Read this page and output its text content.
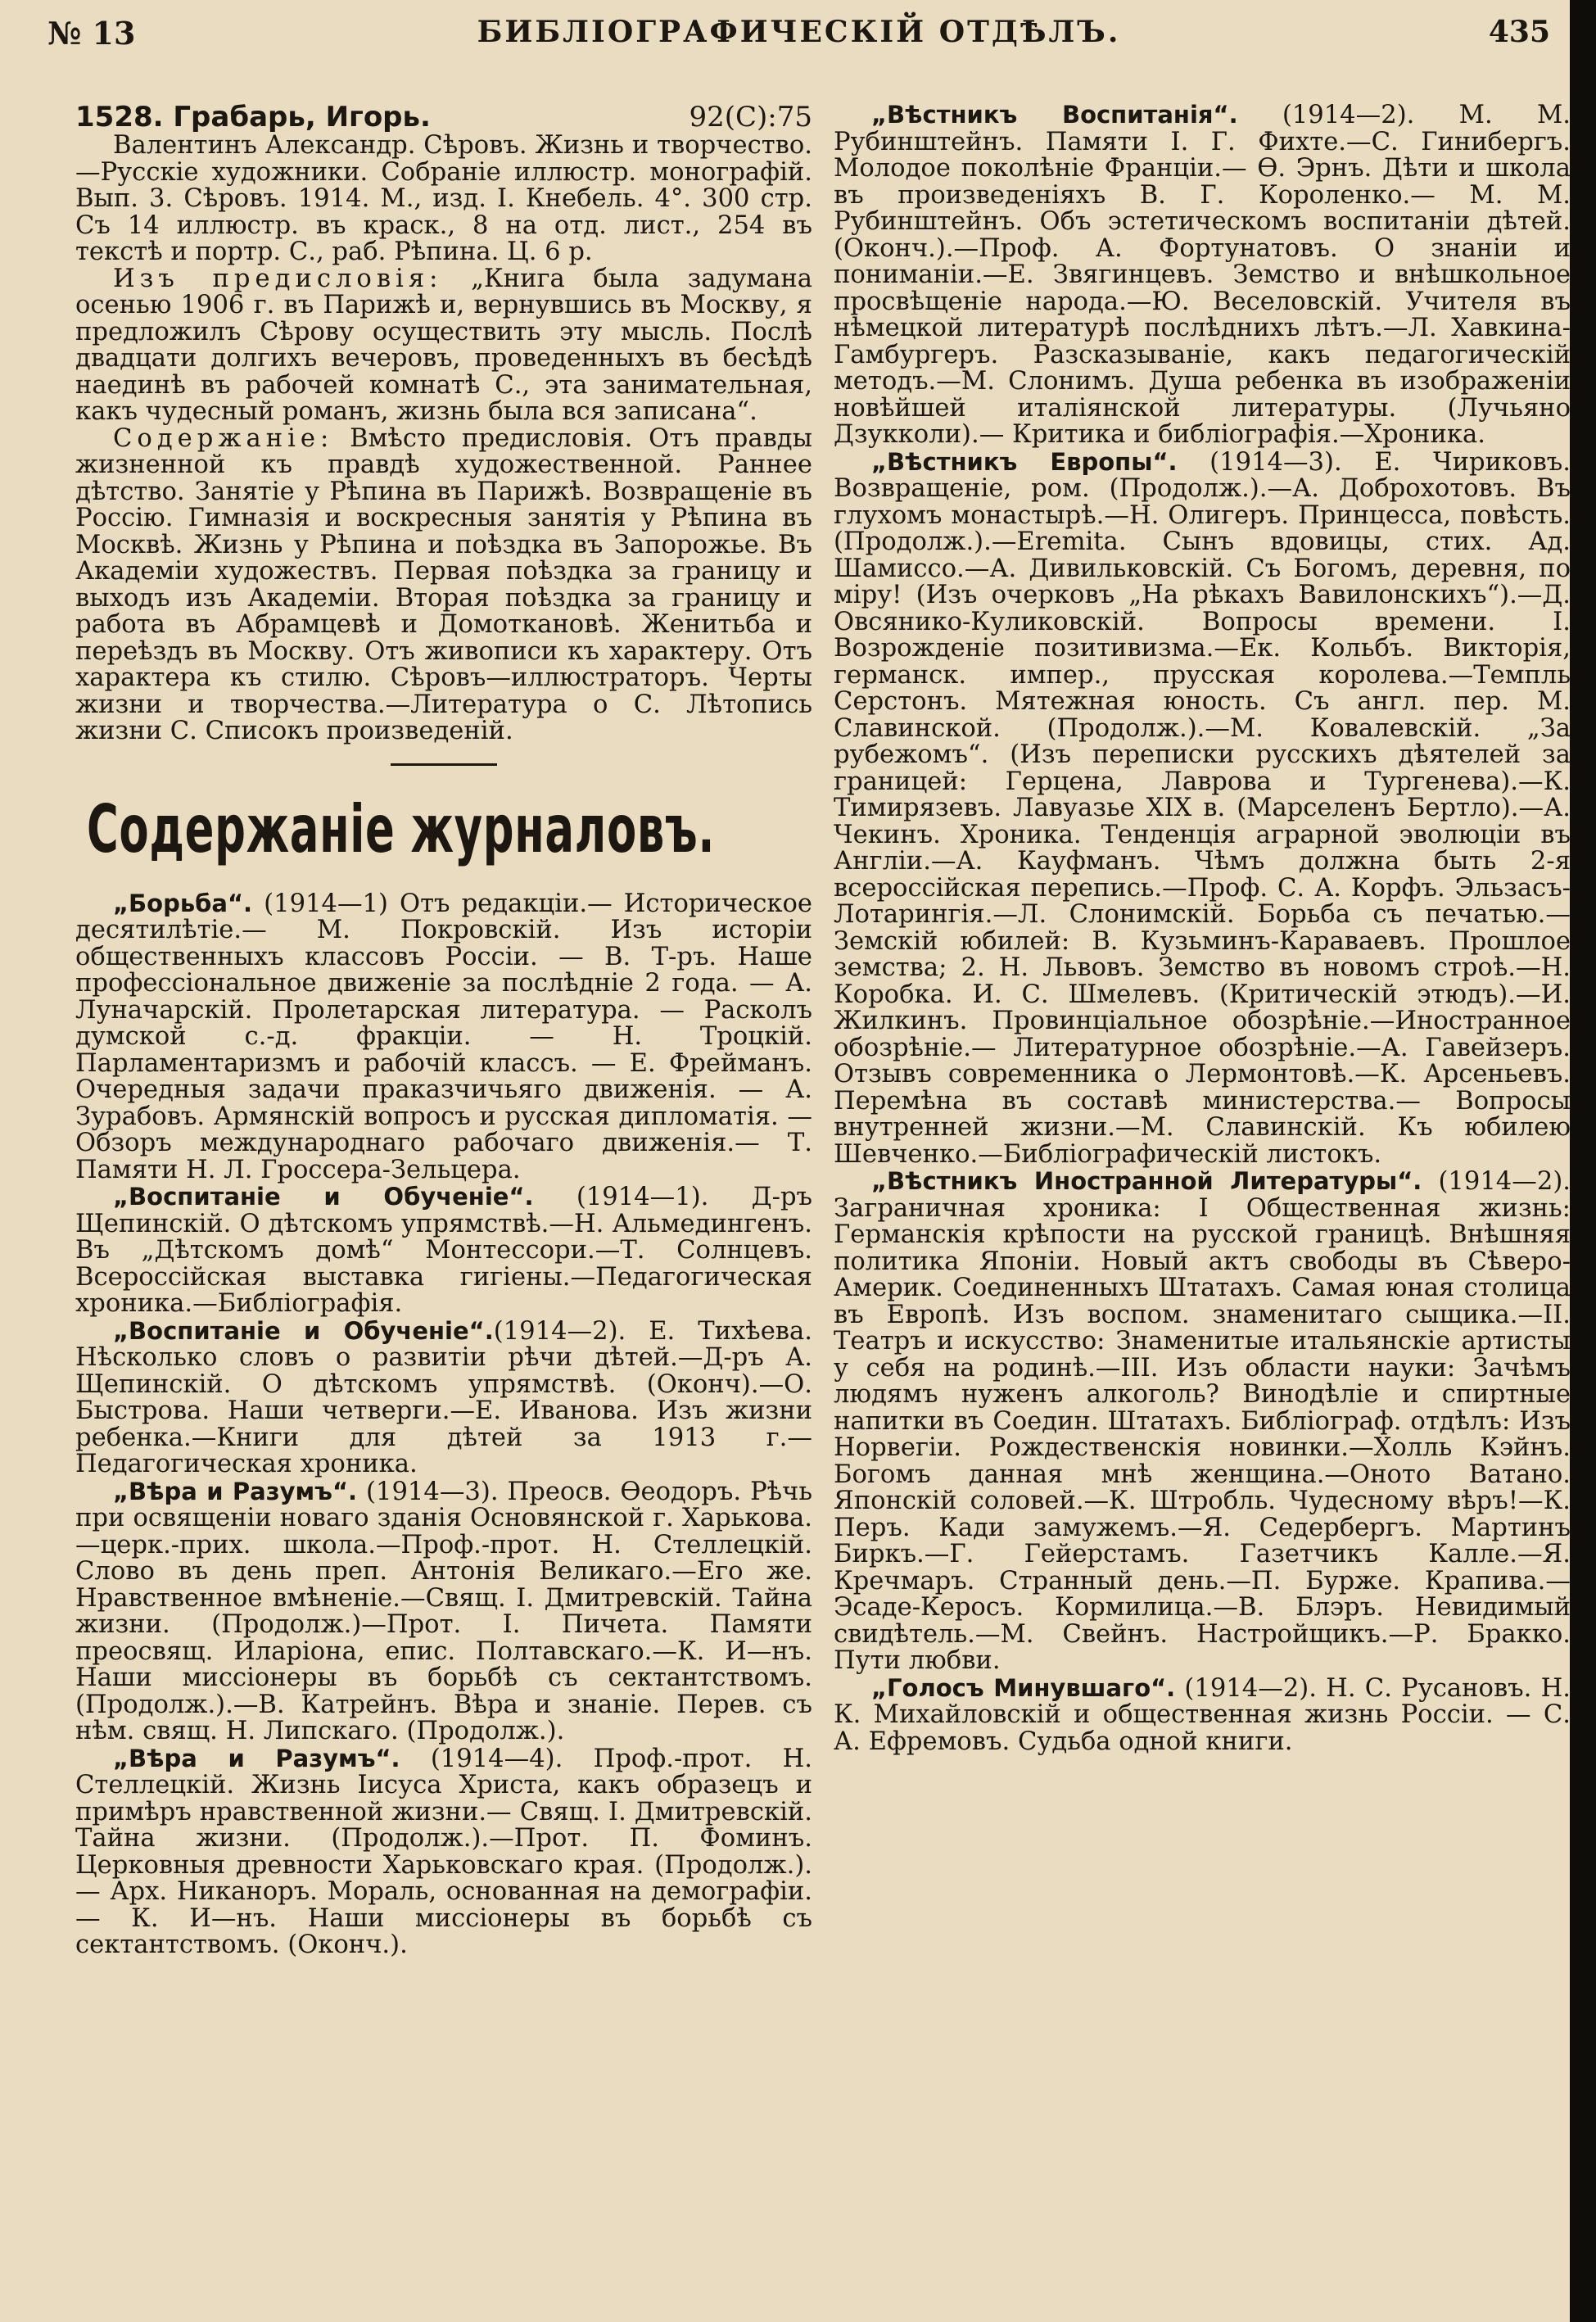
№ 13	БИБЛІОГРАФИЧЕСКІЙ ОТДѢЛЪ.	435
1528. Грабарь, Игорь.	92(С):75

Валентинъ Александр. Сѣровъ. Жизнь и творчество.—Русскіе художники. Собраніе иллюстр. монографій. Вып. 3. Сѣровъ. 1914. М., изд. І. Кнебель. 4°. 300 стр. Съ 14 иллюстр. въ краск., 8 на отд. лист., 254 въ текстѣ и портр. С., раб. Рѣпина. Ц. 6 р.

Изъ предисловія: „Книга была задумана осенью 1906 г. въ Парижѣ и, вернувшись въ Москву, я предложилъ Сѣрову осуществить эту мысль. Послѣ двадцати долгихъ вечеровъ, проведенныхъ въ бесѣдѣ наединѣ въ рабочей комнатѣ С., эта занимательная, какъ чудесный романъ, жизнь была вся записана“.

Содержаніе: Вмѣсто предисловія. Отъ правды жизненной къ правдѣ художественной. Раннее дѣтство. Занятіе у Рѣпина въ Парижѣ. Возвращеніе въ Россію. Гимназія и воскресныя занятія у Рѣпина въ Москвѣ. Жизнь у Рѣпина и поѣздка въ Запорожье. Въ Академіи художествъ. Первая поѣздка за границу и выходъ изъ Академіи. Вторая поѣздка за границу и работа въ Абрамцевѣ и Домоткановѣ. Женитьба и переѣздъ въ Москву. Отъ живописи къ характеру. Отъ характера къ стилю. Сѣровъ—иллюстраторъ. Черты жизни и творчества.—Литература о С. Лѣтопись жизни С. Списокъ произведеній.

Содержаніе журналовъ.

„Борьба“. (1914—1) Отъ редакціи.— Историческое десятилѣтіе.— М. Покровскій. Изъ исторіи общественныхъ классовъ Россіи. — В. Т-ръ. Наше профессіональное движеніе за послѣдніе 2 года. — А. Луначарскій. Пролетарская литература. — Расколъ думской с.-д. фракціи. — Н. Троцкій. Парламентаризмъ и рабочій классъ. — Е. Фрейманъ. Очередныя задачи праказчичьяго движенія. — А. Зурабовъ. Армянскій вопросъ и русская дипломатія. — Обзоръ международнаго рабочаго движенія.— Т. Памяти Н. Л. Гроссера-Зельцера.

„Воспитаніе и Обученіе“. (1914—1). Д-ръ Щепинскій. О дѣтскомъ упрямствѣ.—Н. Альмедингенъ. Въ „Дѣтскомъ домѣ“ Монтессори.—Т. Солнцевъ. Всероссійская выставка гигіены.—Педагогическая хроника.—Библіографія.

„Воспитаніе и Обученіе“.(1914—2). Е. Тихѣева. Нѣсколько словъ о развитіи рѣчи дѣтей.—Д-ръ А. Щепинскій. О дѣтскомъ упрямствѣ. (Оконч).—О. Быстрова. Наши четверги.—Е. Иванова. Изъ жизни ребенка.—Книги для дѣтей за 1913 г.—Педагогическая хроника.

„Вѣра и Разумъ“. (1914—3). Преосв. Ѳеодоръ. Рѣчь при освященіи новаго зданія Основянской г. Харькова.—церк.-прих. школа.—Проф.-прот. Н. Стеллецкій. Слово въ день преп. Антонія Великаго.—Его же. Нравственное вмѣненіе.—Свящ. І. Дмитревскій. Тайна жизни. (Продолж.)—Прот. І. Пичета. Памяти преосвящ. Иларіона, епис. Полтавскаго.—К. И—нъ. Наши миссіонеры въ борьбѣ съ сектантствомъ. (Продолж.).—В. Катрейнъ. Вѣра и знаніе. Перев. съ нѣм. свящ. Н. Липскаго. (Продолж.).

„Вѣра и Разумъ“. (1914—4). Проф.-прот. Н. Стеллецкій. Жизнь Іисуса Христа, какъ образецъ и примѣръ нравственной жизни.— Свящ. І. Дмитревскій. Тайна жизни. (Продолж.).—Прот. П. Фоминъ. Церковныя древности Харьковскаго края. (Продолж.).— Арх. Никаноръ. Мораль, основанная на демографіи.— К. И—нъ. Наши миссіонеры въ борьбѣ съ сектантствомъ. (Оконч.).

„Вѣстникъ Воспитанія“. (1914—2). М. М. Рубинштейнъ. Памяти І. Г. Фихте.—С. Гинибергъ. Молодое поколѣніе Франціи.— Ѳ. Эрнъ. Дѣти и школа въ произведеніяхъ В. Г. Короленко.— М. М. Рубинштейнъ. Объ эстетическомъ воспитаніи дѣтей. (Оконч.).—Проф. А. Фортунатовъ. О знаніи и пониманіи.—Е. Звягинцевъ. Земство и внѣшкольное просвѣщеніе народа.—Ю. Веселовскій. Учителя въ нѣмецкой литературѣ послѣднихъ лѣтъ.—Л. Хавкина-Гамбургеръ. Разсказываніе, какъ педагогическій методъ.—М. Слонимъ. Душа ребенка въ изображеніи новѣйшей италіянской литературы. (Лучьяно Дзукколи).— Критика и библіографія.—Хроника.

„Вѣстникъ Европы“. (1914—3). Е. Чириковъ. Возвращеніе, ром. (Продолж.).—А. Доброхотовъ. Въ глухомъ монастырѣ.—Н. Олигеръ. Принцесса, повѣсть. (Продолж.).—Eremita. Сынъ вдовицы, стих. Ад. Шамиссо.—А. Дивильковскій. Съ Богомъ, деревня, по міру! (Изъ очерковъ „На рѣкахъ Вавилонскихъ“).—Д. Овсянико-Куликовскій. Вопросы времени. І. Возрожденіе позитивизма.—Ек. Кольбъ. Викторія, германск. импер., прусская королева.—Темпль Серстонъ. Мятежная юность. Съ англ. пер. М. Славинской. (Продолж.).—М. Ковалевскій. „За рубежомъ“. (Изъ переписки русскихъ дѣятелей за границей: Герцена, Лаврова и Тургенева).—К. Тимирязевъ. Лавуазье XIX в. (Марселенъ Бертло).—А. Чекинъ. Хроника. Тенденція аграрной эволюціи въ Англіи.—А. Кауфманъ. Чѣмъ должна быть 2-я всероссійская перепись.—Проф. С. А. Корфъ. Эльзасъ-Лотарингія.—Л. Слонимскій. Борьба съ печатью.—Земскій юбилей: В. Кузьминъ-Караваевъ. Прошлое земства; 2. Н. Львовъ. Земство въ новомъ строѣ.—Н. Коробка. И. С. Шмелевъ. (Критическій этюдъ).—И. Жилкинъ. Провинціальное обозрѣніе.—Иностранное обозрѣніе.— Литературное обозрѣніе.—А. Гавейзеръ. Отзывъ современника о Лермонтовѣ.—К. Арсеньевъ. Перемѣна въ составѣ министерства.— Вопросы внутренней жизни.—М. Славинскій. Къ юбилею Шевченко.—Библіографическій листокъ.

„Вѣстникъ Иностранной Литературы“. (1914—2). Заграничная хроника: І Общественная жизнь: Германскія крѣпости на русской границѣ. Внѣшняя политика Японіи. Новый актъ свободы въ Сѣверо-Америк. Соединенныхъ Штатахъ. Самая юная столица въ Европѣ. Изъ воспом. знаменитаго сыщика.—II. Театръ и искусство: Знаменитые итальянскіе артисты у себя на родинѣ.—III. Изъ области науки: Зачѣмъ людямъ нуженъ алкоголь? Винодѣліе и спиртные напитки въ Соедин. Штатахъ. Библіограф. отдѣлъ: Изъ Норвегіи. Рождественскія новинки.—Холль Кэйнъ. Богомъ данная мнѣ женщина.—Оното Ватано. Японскій соловей.—К. Штробль. Чудесному вѣръ!—К. Перъ. Кади замужемъ.—Я. Седербергъ. Мартинъ Биркъ.—Г. Гейерстамъ. Газетчикъ Калле.—Я. Кречмаръ. Странный день.—П. Бурже. Крапива.—Эсаде-Керосъ. Кормилица.—В. Блэръ. Невидимый свидѣтель.—М. Свейнъ. Настройщикъ.—Р. Бракко. Пути любви.

„Голосъ Минувшаго“. (1914—2). Н. С. Русановъ. Н. К. Михайловскій и общественная жизнь Россіи. — С. А. Ефремовъ. Судьба одной книги.
